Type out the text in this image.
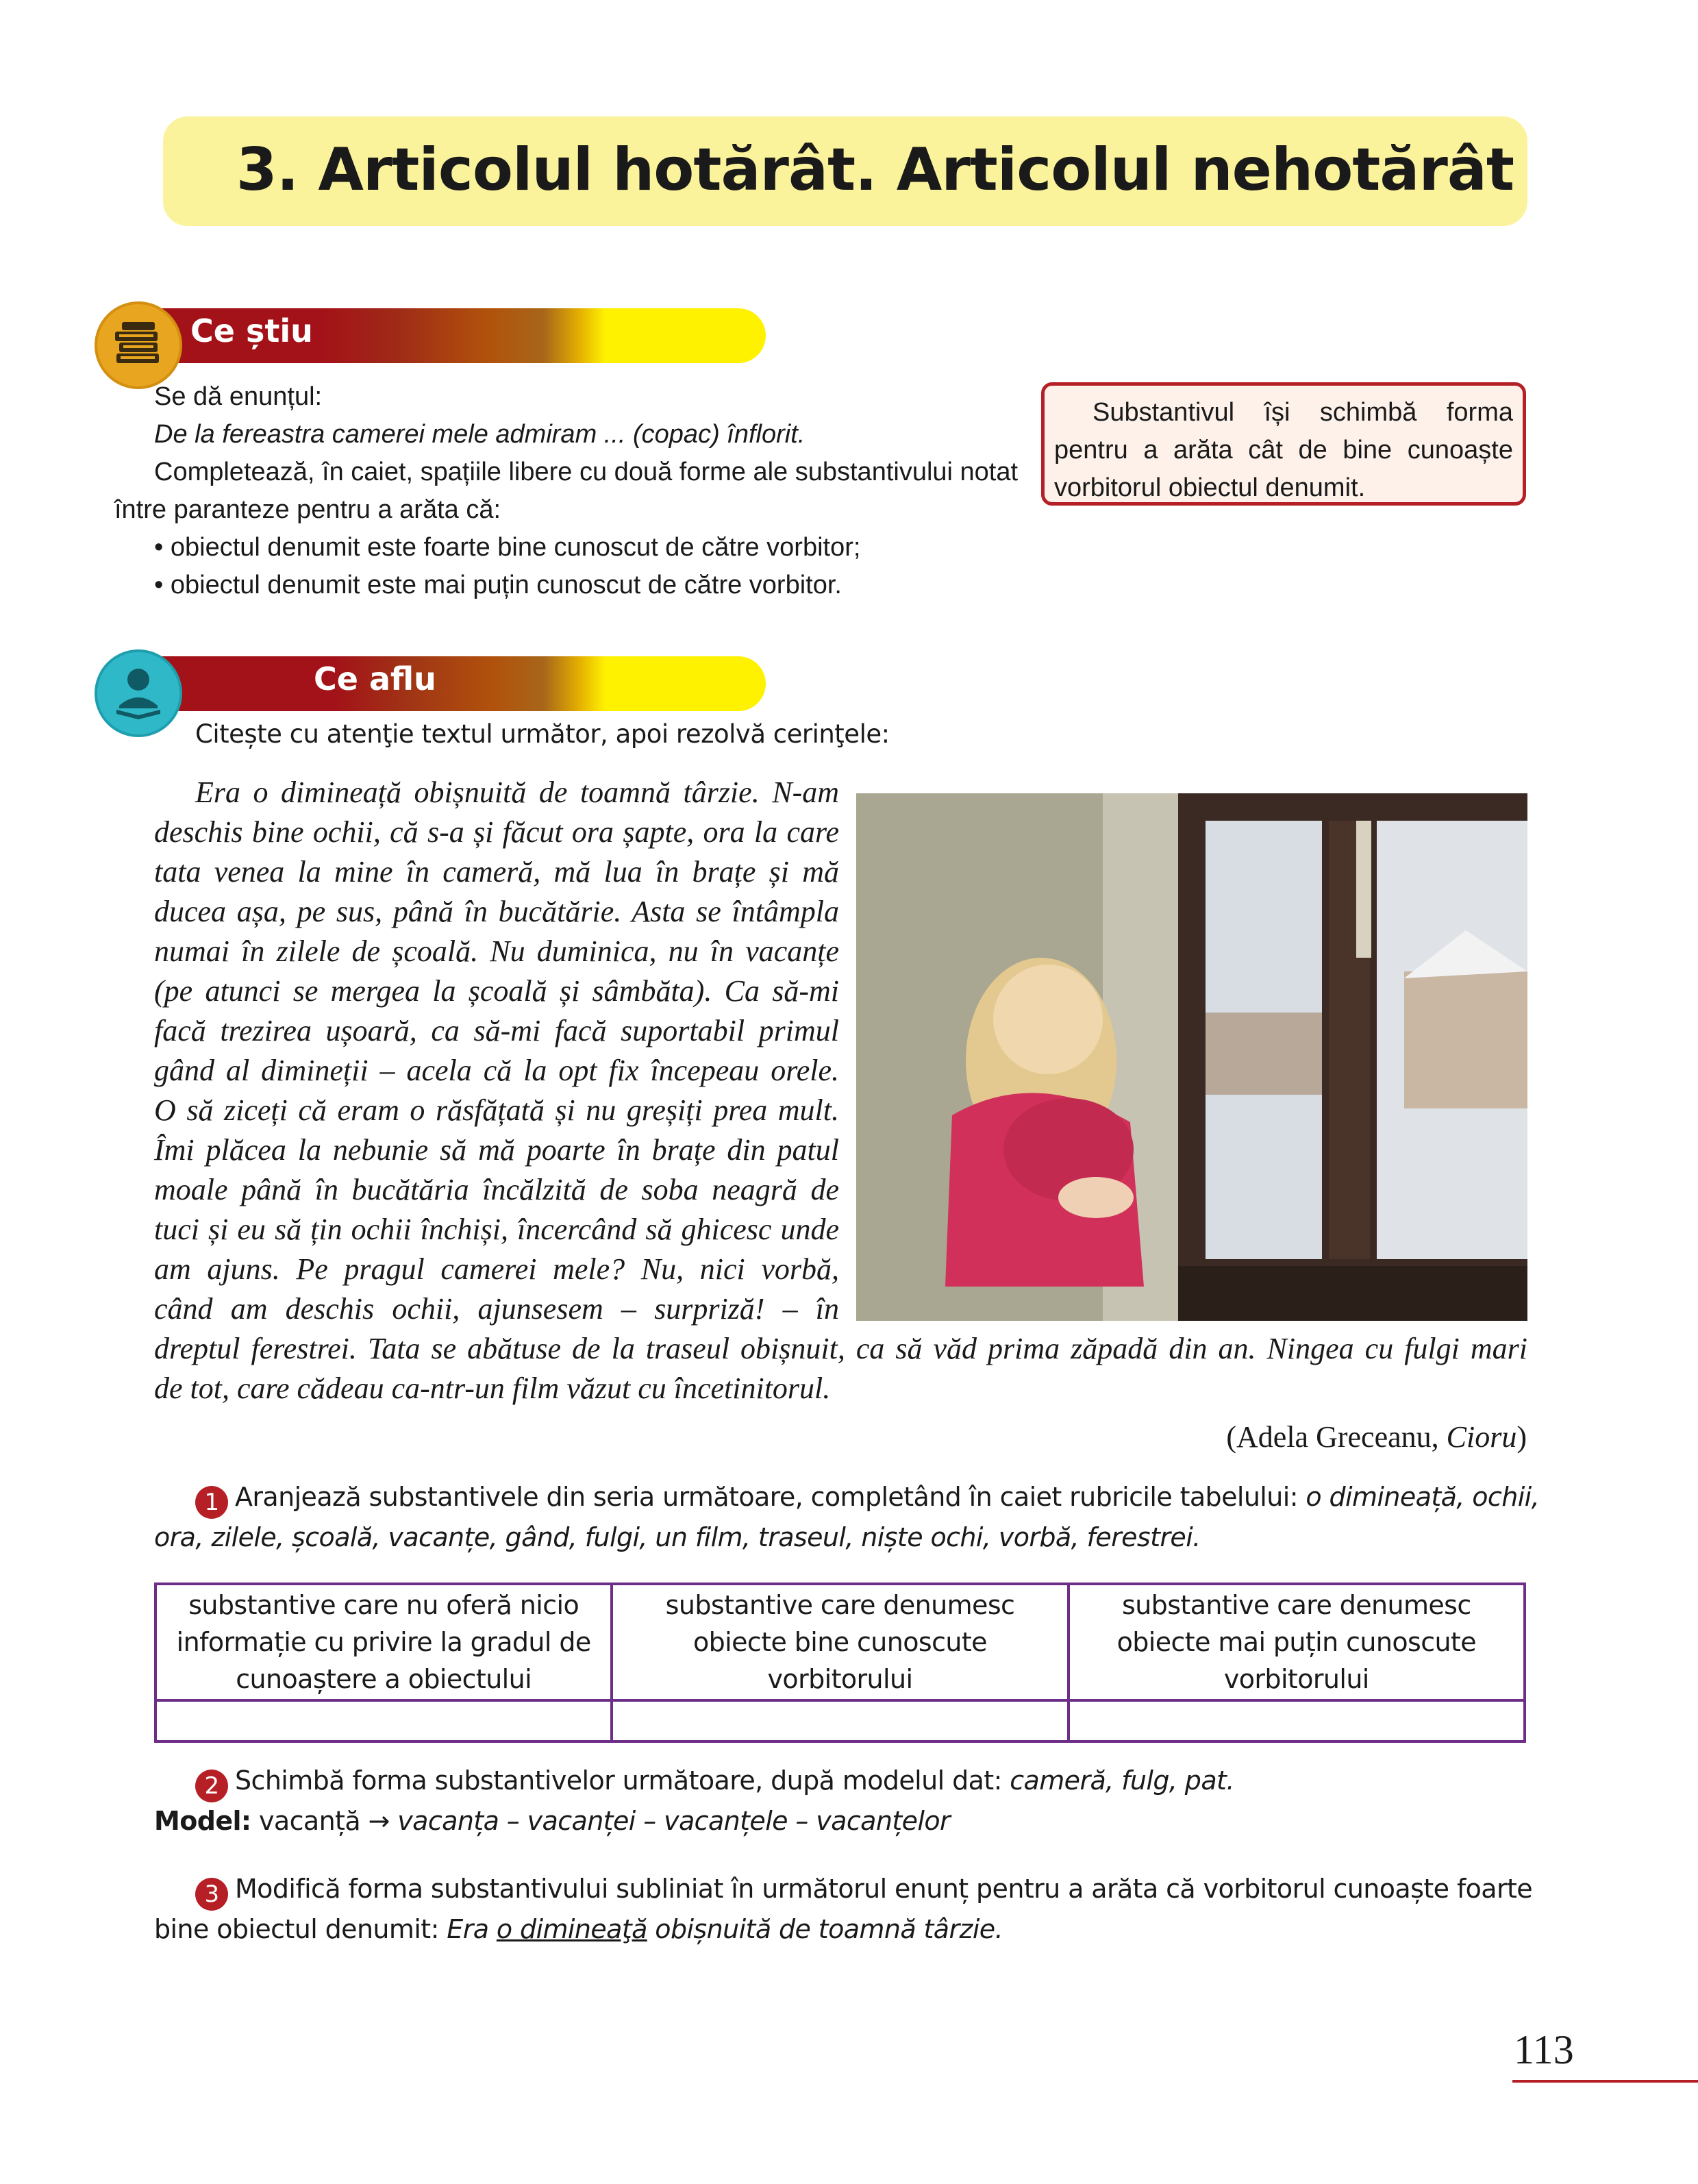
3. Articolul hotărât. Articolul nehotărât
Ce știu
Se dă enunțul:
De la fereastra camerei mele admiram ... (copac) înflorit.
Completează, în caiet, spațiile libere cu două forme ale substantivului notat
între paranteze pentru a arăta că:
• obiectul denumit este foarte bine cunoscut de către vorbitor;
• obiectul denumit este mai puțin cunoscut de către vorbitor.
Substantivul își schimbă forma pentru a arăta cât de bine cunoaște vorbitorul obiectul denumit.
Ce aflu
Citește cu atenţie textul următor, apoi rezolvă cerinţele:
Era o dimineață obișnuită de toamnă târzie. N-am
deschis bine ochii, că s-a și făcut ora șapte, ora la care
tata venea la mine în cameră, mă lua în brațe și mă
ducea așa, pe sus, până în bucătărie. Asta se întâmpla
numai în zilele de școală. Nu duminica, nu în vacanțe
(pe atunci se mergea la școală și sâmbăta). Ca să-mi
facă trezirea ușoară, ca să-mi facă suportabil primul
gând al dimineții – acela că la opt fix începeau orele.
O să ziceți că eram o răsfățată și nu greșiți prea mult.
Îmi plăcea la nebunie să mă poarte în brațe din patul
moale până în bucătăria încălzită de soba neagră de
tuci și eu să țin ochii închiși, încercând să ghicesc unde
am ajuns. Pe pragul camerei mele? Nu, nici vorbă,
când am deschis ochii, ajunsesem – surpriză! – în
dreptul ferestrei. Tata se abătuse de la traseul obișnuit, ca să văd prima zăpadă din an. Ningea cu fulgi mari
de tot, care cădeau ca-ntr-un film văzut cu încetinitorul.
(Adela Greceanu, Cioru)
1 Aranjează substantivele din seria următoare, completând în caiet rubricile tabelului: o dimineață, ochii,
ora, zilele, școală, vacanțe, gând, fulgi, un film, traseul, niște ochi, vorbă, ferestrei.
substantive care nu oferă nicio informație cu privire la gradul de cunoaștere a obiectului	substantive care denumesc obiecte bine cunoscute vorbitorului	substantive care denumesc obiecte mai puțin cunoscute vorbitorului

2 Schimbă forma substantivelor următoare, după modelul dat: cameră, fulg, pat.
Model: vacanță → vacanța – vacanței – vacanțele – vacanțelor
3 Modifică forma substantivului subliniat în următorul enunț pentru a arăta că vorbitorul cunoaște foarte
bine obiectul denumit: Era o dimineaţă obișnuită de toamnă târzie.
113
